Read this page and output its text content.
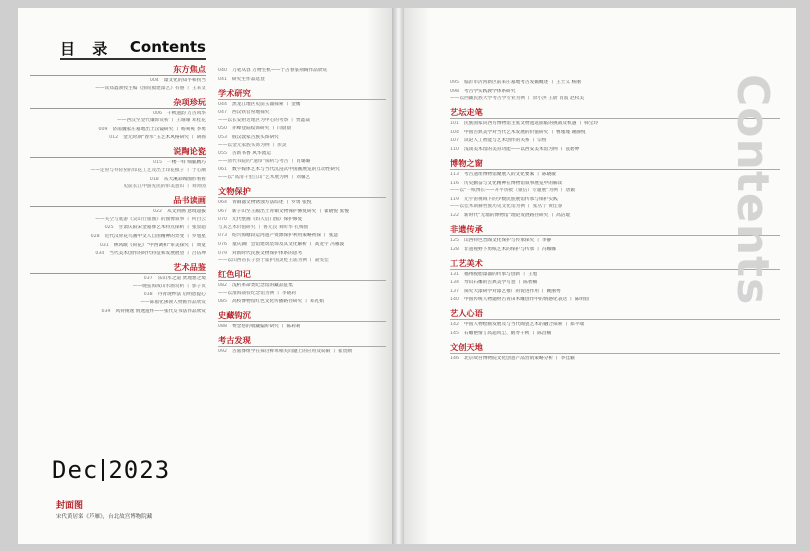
目 录 Contents
东方焦点
004 漆文化的知乎和拐当
——读郑鑫教授主编《图说福建漆艺》有感 丨 王来文
杂项珍玩
006 千秋遗韵 万古风华
——西汉至金代镶饰赏析 丨 王珊珊 邓桂花
009 济南魏家庄墓地出土汉镜研究 丨 杨爽爽 李勇
012 金元时期“春水”玉艺术风格研究 丨 胡扬
说陶论瓷
015 一楼一样 细腻精巧
——定窑与井陉窑的印花工艺及出土印花模子 丨 于心潮
018 从大溪彩陶图形看看
史前长江中游先民的审美意识 丨 刘青园
品书读画
022 从文到画 意境超拔
——关仝与底游《吴山行旅图》的图像叙事 丨 何白云
025 甘肃庆阳宋金墓葬艺术特点探析 丨 张显超
028 近代汉骨花鸟画中文人自由精神的异变 丨 罗旭星
031 林风眠《荷花》“中西调和”审美探究 丨 周宽
034 当代美术创作的时代特征和发展展望 丨 吕伍坤
艺术品鉴
037 乐山水之道 贤理想之境
——晚弦海成山水画赏析 丨 郭子贞
038 丹青现纱法 启明恩提心
——陈福化佛教人物画作品欣赏
039 风骨俊逸 情透遗怀——张代友书法作品欣赏
040 刀笔从容 万物生机——于占春篆刻陶作品欣赏
041 研究生作品选登
学术研究
044 黑龙江地区史前玉器探索 丨 金衡
047 西汉铁官窑地探究
——以长安附近地区为中心的考察 丨 贾鑫焱
050 赤峰登陆纹饰研究 丨 闫晨晨
053 殷汉敦家古族头饰研究
——以金元家族头饰为例 丨 彭灵
055 古新书香 风华流运
——清代书院的“遗珍”探析与考古 丨 肖璐璐
061 数字媒体艺术与当代沉浸式中国画展览的互动性研究
——以“高清千里江山”艺术展为例 丨 刘馨艺
文物保护
064 青铜器文物锈蚀方法综述 丨 罗勇 张悦
067 新子山至王殿出土青铜文物保护修复研究 丨 翟晓悦 张慢
070 元代壁画《妇人启门图》保护修复
与其艺术价值研究 丨 鲁元良 刘昕华 孔梅仙
073 绍兴海塘段运河遗产资源保护利用策略初探 丨 张慧
076 童庆湖广会馆建筑装饰及其文化解析 丨 高龙宇 冯雁波
079 对新时代民族文物保护体系的思考
——以山西省长子县于霍护国灵贬王庙为例 丨 聂雯佳
红色印记
082 浅析革命类纪念馆的藏品征集
——以淮海战役纪念馆为例 丨 李晓莉
085 高校博物馆红色文化传播路径研究 丨 邓礼娟
史藏钩沉
088 费念慈的收藏偏好研究 丨 陈莉莉
考古发现
092 古墓葬组学在探讨鲜卑相关问题上的应用及局限 丨 崔贺勋
Dec 2023
封面图
宋代黄居寀《芦雁》，台北故宫博物院藏
095 临沂市沂河新区前来庄墓地考古发掘概述 丨 王士义 杨丽
098 考古学实践教学体系研究
——以西藏民族大学考古学专业为例 丨 余小洪 王蔚 肖波 赵权美
艺坛走笔
101 民族国家向西方博物馆主张文物遗返面临的挑战及机遇 丨 韩宝玲
104 中国古典美学对当代艺术发展的价值研究 丨 曹瑾瑾 谢静悦
107 试论人工智能与艺术创作的关系 丨 宗恒
110 浅谈美术馆的美育功能——以西安美术馆为例 丨 袁碧婷
博物之窗
113 考古遗址博物馆聚展人的文化要素 丨 陈晓敏
116 历史勤奋与文化精神在博物馆叙事展览中的解读
——以“一纸博长——开平侨批（银信）专题展”为例 丨 唐颖
119 元宇宙视域下的少数民族展馆传承与保护实践
——以佳木斯赫哲族历史文化馆为例 丨 张丛亇 黄佳睿
122 新时代“无墙的博物馆”理论发展路径研究 丨 高洁琨
非遗传承
125 山西特色晋陶文化保护与传承探究 丨 李静
128 非遗视野下剪纸艺术的保护与传承 丨 冯娜娜
工艺美术
131 福州脱胎漆器的传承与创新 丨 王旭
134 寿山石雕的古典美学写意 丨 陈智楠
137 探究大漆研学对漆艺推广的促进作用 丨 姚丽秀
140 中国传统人物题材古青田木雕创作中的情感化表达 丨 陈明仙
艺人心语
142 中国人物绘画发展及与当代陶瓷艺术的融合探索 丨 郑平端
145 石雕艳情 | 高超风尘、鹤寿千秋 丨 陈昌楠
文创天地
146 北京故宫博物院文化创意产品营销策略分析 丨 李佳颖
Contents
